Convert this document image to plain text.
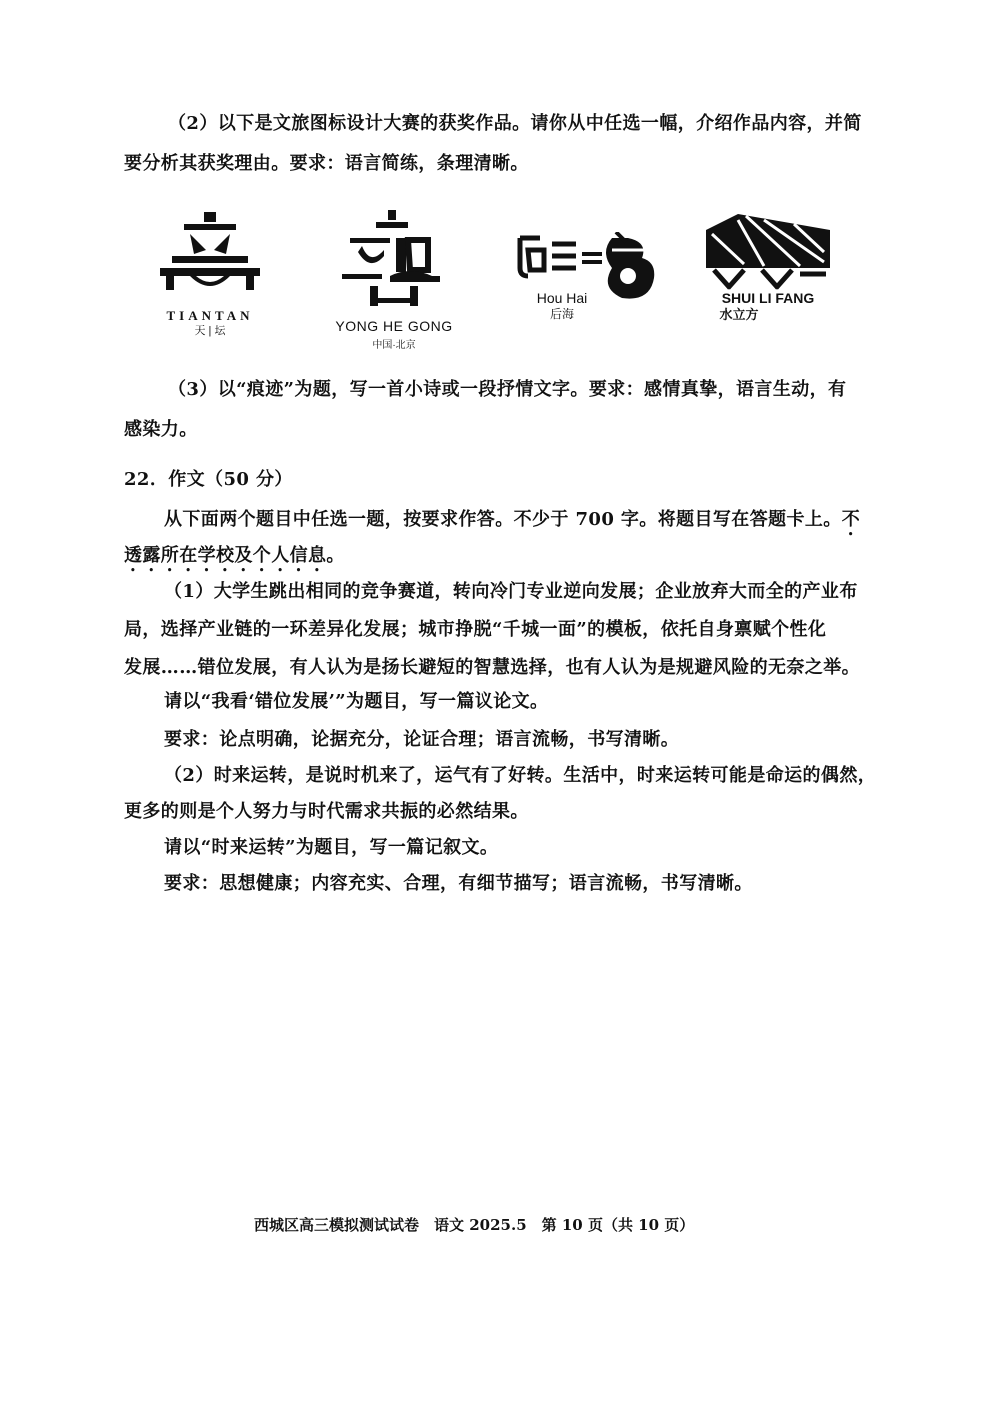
（2）以下是文旅图标设计大赛的获奖作品。请你从中任选一幅，介绍作品内容，并简
要分析其获奖理由。要求：语言简练，条理清晰。
TIANTAN
天 | 坛	YONG HE GONG
中国·北京
Hou Hai
后海
SHUI LI FANG
水立方
（3）以“痕迹”为题，写一首小诗或一段抒情文字。要求：感情真挚，语言生动，有
感染力。
22．作文（50 分）
从下面两个题目中任选一题，按要求作答。不少于 700 字。将题目写在答题卡上。不
透露所在学校及个人信息。
（1）大学生跳出相同的竞争赛道，转向冷门专业逆向发展；企业放弃大而全的产业布
局，选择产业链的一环差异化发展；城市挣脱“千城一面”的模板，依托自身禀赋个性化
发展……错位发展，有人认为是扬长避短的智慧选择，也有人认为是规避风险的无奈之举。
请以“我看‘错位发展’”为题目，写一篇议论文。
要求：论点明确，论据充分，论证合理；语言流畅，书写清晰。
（2）时来运转，是说时机来了，运气有了好转。生活中，时来运转可能是命运的偶然，
更多的则是个人努力与时代需求共振的必然结果。
请以“时来运转”为题目，写一篇记叙文。
要求：思想健康；内容充实、合理，有细节描写；语言流畅，书写清晰。
西城区高三模拟测试试卷　语文 2025.5　第 10 页（共 10 页）
